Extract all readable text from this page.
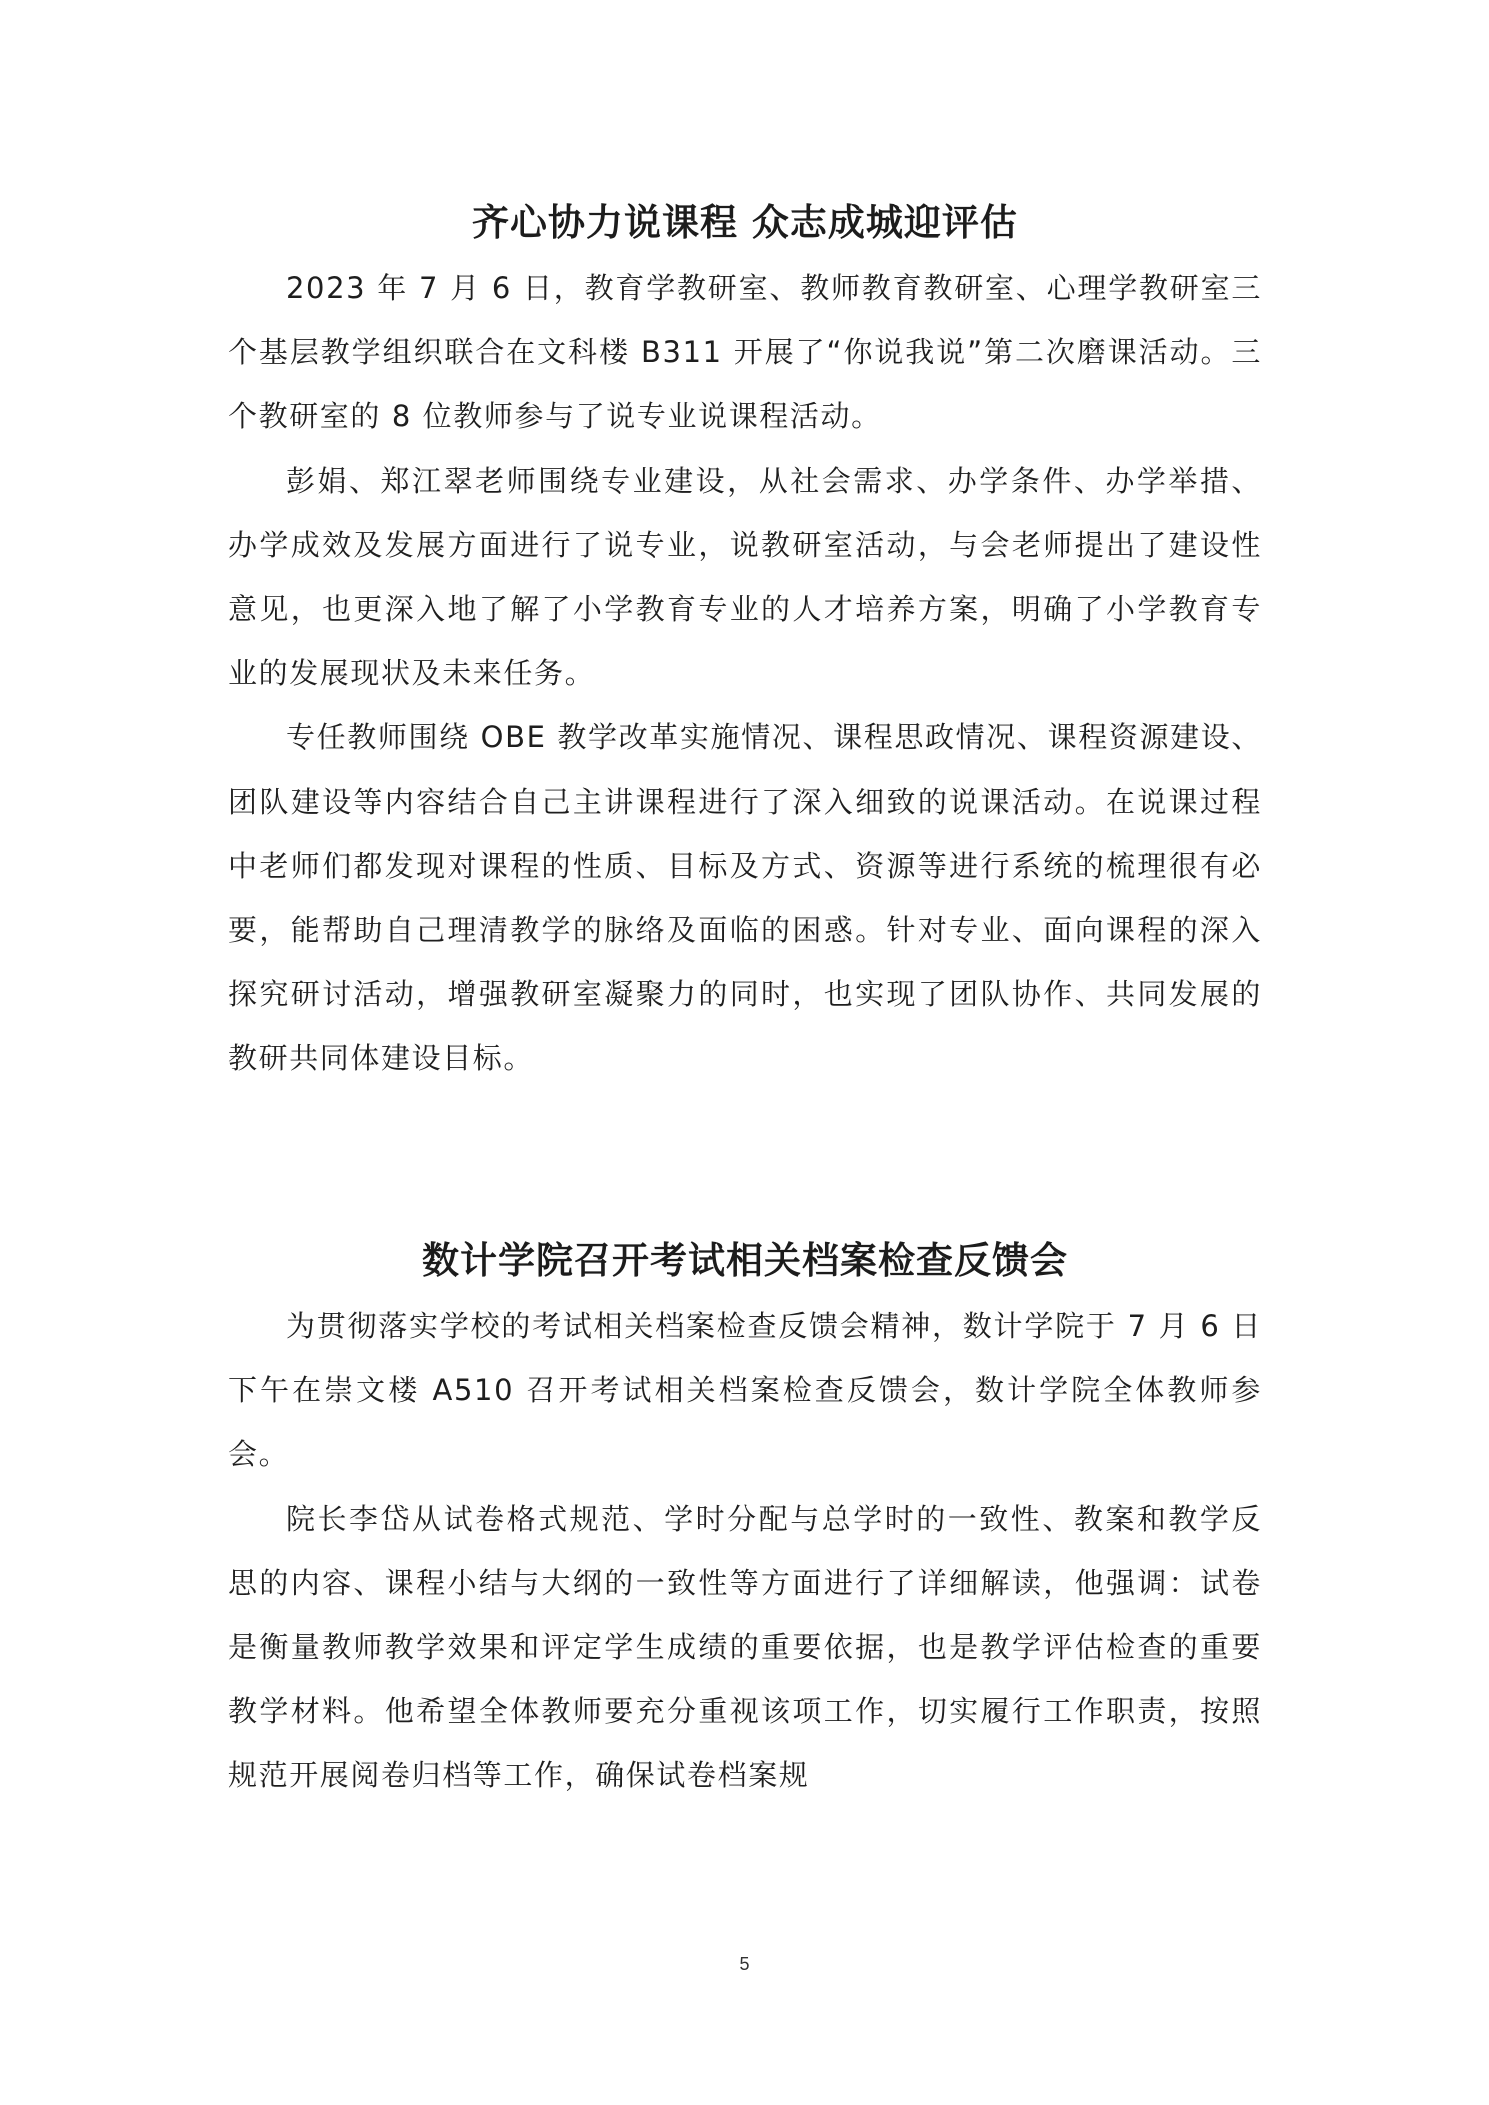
齐心协力说课程 众志成城迎评估

2023 年 7 月 6 日，教育学教研室、教师教育教研室、心理学教研室三个基层教学组织联合在文科楼 B311 开展了“你说我说”第二次磨课活动。三个教研室的 8 位教师参与了说专业说课程活动。

彭娟、郑江翠老师围绕专业建设，从社会需求、办学条件、办学举措、办学成效及发展方面进行了说专业，说教研室活动，与会老师提出了建设性意见，也更深入地了解了小学教育专业的人才培养方案，明确了小学教育专业的发展现状及未来任务。

专任教师围绕 OBE 教学改革实施情况、课程思政情况、课程资源建设、团队建设等内容结合自己主讲课程进行了深入细致的说课活动。在说课过程中老师们都发现对课程的性质、目标及方式、资源等进行系统的梳理很有必要，能帮助自己理清教学的脉络及面临的困惑。针对专业、面向课程的深入探究研讨活动，增强教研室凝聚力的同时，也实现了团队协作、共同发展的教研共同体建设目标。

数计学院召开考试相关档案检查反馈会

为贯彻落实学校的考试相关档案检查反馈会精神，数计学院于 7 月 6 日下午在崇文楼 A510 召开考试相关档案检查反馈会，数计学院全体教师参会。

院长李岱从试卷格式规范、学时分配与总学时的一致性、教案和教学反思的内容、课程小结与大纲的一致性等方面进行了详细解读，他强调：试卷是衡量教师教学效果和评定学生成绩的重要依据，也是教学评估检查的重要教学材料。他希望全体教师要充分重视该项工作，切实履行工作职责，按照规范开展阅卷归档等工作，确保试卷档案规

5
